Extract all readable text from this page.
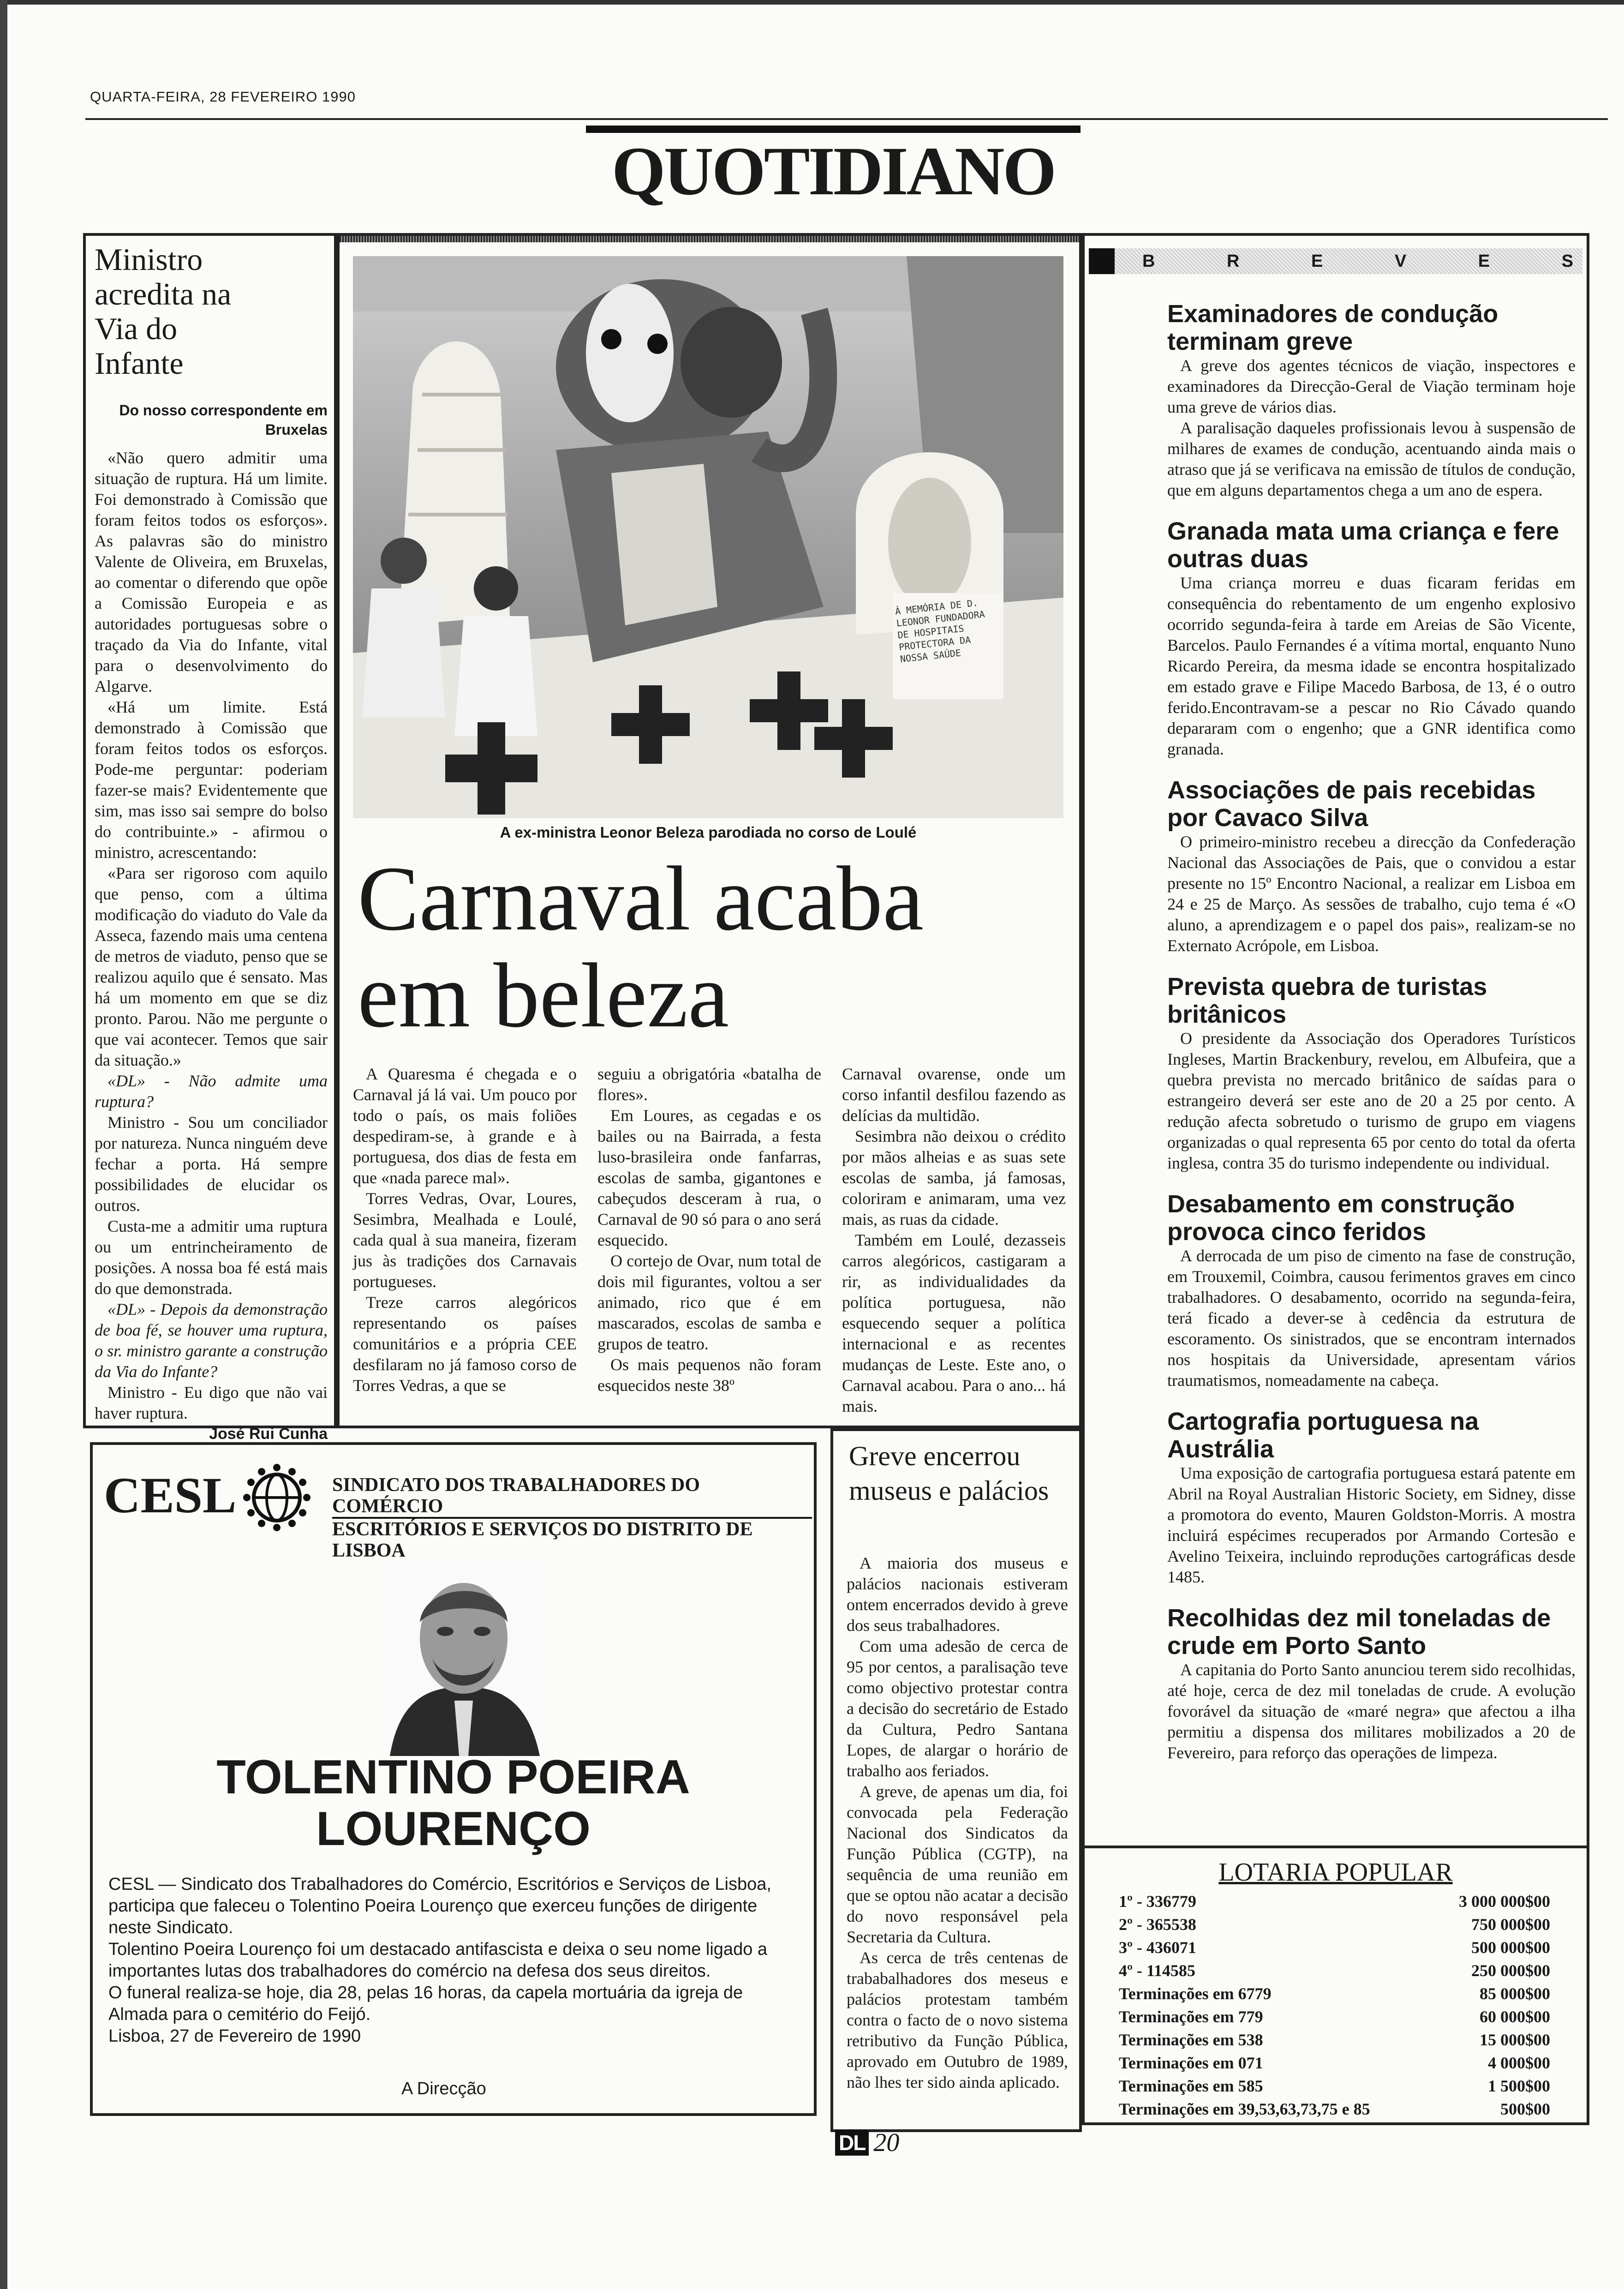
QUARTA-FEIRA, 28 FEVEREIRO 1990
QUOTIDIANO
Ministro acredita na Via do Infante
Do nosso correspondente em Bruxelas

«Não quero admitir uma situação de ruptura. Há um limite. Foi demonstrado à Comissão que foram feitos todos os esforços». As palavras são do ministro Valente de Oliveira, em Bruxelas, ao comentar o diferendo que opõe a Comissão Europeia e as autoridades portuguesas sobre o traçado da Via do Infante, vital para o desenvolvimento do Algarve.

«Há um limite. Está demonstrado à Comissão que foram feitos todos os esforços. Pode-me perguntar: poderiam fazer-se mais? Evidentemente que sim, mas isso sai sempre do bolso do contribuinte.» - afirmou o ministro, acrescentando:

«Para ser rigoroso com aquilo que penso, com a última modificação do viaduto do Vale da Asseca, fazendo mais uma centena de metros de viaduto, penso que se realizou aquilo que é sensato. Mas há um momento em que se diz pronto. Parou. Não me pergunte o que vai acontecer. Temos que sair da situação.»

«DL» - Não admite uma ruptura?

Ministro - Sou um conciliador por natureza. Nunca ninguém deve fechar a porta. Há sempre possibilidades de elucidar os outros.

Custa-me a admitir uma ruptura ou um entrincheiramento de posições. A nossa boa fé está mais do que demonstrada.

«DL» - Depois da demonstração de boa fé, se houver uma ruptura, o sr. ministro garante a construção da Via do Infante?

Ministro - Eu digo que não vai haver ruptura.

José Rui Cunha

À MEMÓRIA DE D. LEONOR FUNDADORA DE HOSPITAIS PROTECTORA DA NOSSA SAÚDE
A ex-ministra Leonor Beleza parodiada no corso de Loulé
Carnaval acaba
em beleza

A Quaresma é chegada e o Carnaval já lá vai. Um pouco por todo o país, os mais foliões despediram-se, à grande e à portuguesa, dos dias de festa em que «nada parece mal».

Torres Vedras, Ovar, Loures, Sesimbra, Mealhada e Loulé, cada qual à sua maneira, fizeram jus às tradições dos Carnavais portugueses.

Treze carros alegóricos representando os países comunitários e a própria CEE desfilaram no já famoso corso de Torres Vedras, a que se

seguiu a obrigatória «batalha de flores».

Em Loures, as cegadas e os bailes ou na Bairrada, a festa luso-brasileira onde fanfarras, escolas de samba, gigantones e cabeçudos desceram à rua, o Carnaval de 90 só para o ano será esquecido.

O cortejo de Ovar, num total de dois mil figurantes, voltou a ser animado, rico que é em mascarados, escolas de samba e grupos de teatro.

Os mais pequenos não foram esquecidos neste 38º

Carnaval ovarense, onde um corso infantil desfilou fazendo as delícias da multidão.

Sesimbra não deixou o crédito por mãos alheias e as suas sete escolas de samba, já famosas, coloriram e animaram, uma vez mais, as ruas da cidade.

Também em Loulé, dezasseis carros alegóricos, castigaram a rir, as individualidades da política portuguesa, não esquecendo sequer a política internacional e as recentes mudanças de Leste. Este ano, o Carnaval acabou. Para o ano... há mais.

B	R	E	V	E	S
Examinadores de condução terminam greve

A greve dos agentes técnicos de viação, inspectores e examinadores da Direcção-Geral de Viação terminam hoje uma greve de vários dias.

A paralisação daqueles profissionais levou à suspensão de milhares de exames de condução, acentuando ainda mais o atraso que já se verificava na emissão de títulos de condução, que em alguns departamentos chega a um ano de espera.

Granada mata uma criança e fere outras duas

Uma criança morreu e duas ficaram feridas em consequência do rebentamento de um engenho explosivo ocorrido segunda-feira à tarde em Areias de São Vicente, Barcelos. Paulo Fernandes é a vítima mortal, enquanto Nuno Ricardo Pereira, da mesma idade se encontra hospitalizado em estado grave e Filipe Macedo Barbosa, de 13, é o outro ferido.Encontravam-se a pescar no Rio Cávado quando depararam com o engenho; que a GNR identifica como granada.

Associações de pais recebidas por Cavaco Silva

O primeiro-ministro recebeu a direcção da Confederação Nacional das Associações de Pais, que o convidou a estar presente no 15º Encontro Nacional, a realizar em Lisboa em 24 e 25 de Março. As sessões de trabalho, cujo tema é «O aluno, a aprendizagem e o papel dos pais», realizam-se no Externato Acrópole, em Lisboa.

Prevista quebra de turistas britânicos

O presidente da Associação dos Operadores Turísticos Ingleses, Martin Brackenbury, revelou, em Albufeira, que a quebra prevista no mercado britânico de saídas para o estrangeiro deverá ser este ano de 20 a 25 por cento. A redução afecta sobretudo o turismo de grupo em viagens organizadas o qual representa 65 por cento do total da oferta inglesa, contra 35 do turismo independente ou individual.

Desabamento em construção provoca cinco feridos

A derrocada de um piso de cimento na fase de construção, em Trouxemil, Coimbra, causou ferimentos graves em cinco trabalhadores. O desabamento, ocorrido na segunda-feira, terá ficado a dever-se à cedência da estrutura de escoramento. Os sinistrados, que se encontram internados nos hospitais da Universidade, apresentam vários traumatismos, nomeadamente na cabeça.

Cartografia portuguesa na Austrália

Uma exposição de cartografia portuguesa estará patente em Abril na Royal Australian Historic Society, em Sidney, disse a promotora do evento, Mauren Goldston-Morris. A mostra incluirá espécimes recuperados por Armando Cortesão e Avelino Teixeira, incluindo reproduções cartográficas desde 1485.

Recolhidas dez mil toneladas de crude em Porto Santo

A capitania do Porto Santo anunciou terem sido recolhidas, até hoje, cerca de dez mil toneladas de crude. A evolução fovorável da situação de «maré negra» que afectou a ilha permitiu a dispensa dos militares mobilizados a 20 de Fevereiro, para reforço das operações de limpeza.

Greve encerrou museus e palácios

A maioria dos museus e palácios nacionais estiveram ontem encerrados devido à greve dos seus trabalhadores.

Com uma adesão de cerca de 95 por centos, a paralisação teve como objectivo protestar contra a decisão do secretário de Estado da Cultura, Pedro Santana Lopes, de alargar o horário de trabalho aos feriados.

A greve, de apenas um dia, foi convocada pela Federação Nacional dos Sindicatos da Função Pública (CGTP), na sequência de uma reunião em que se optou não acatar a decisão do novo responsável pela Secretaria da Cultura.

As cerca de três centenas de trababalhadores dos meseus e palácios protestam também contra o facto de o novo sistema retributivo da Função Pública, aprovado em Outubro de 1989, não lhes ter sido ainda aplicado.

CESL	SINDICATO DOS TRABALHADORES DO COMÉRCIO
ESCRITÓRIOS E SERVIÇOS DO DISTRITO DE LISBOA
TOLENTINO POEIRA
LOURENÇO

CESL — Sindicato dos Trabalhadores do Comércio, Escritórios e Serviços de Lisboa, participa que faleceu o Tolentino Poeira Lourenço que exerceu funções de dirigente neste Sindicato.

Tolentino Poeira Lourenço foi um destacado antifascista e deixa o seu nome ligado a importantes lutas dos trabalhadores do comércio na defesa dos seus direitos.

O funeral realiza-se hoje, dia 28, pelas 16 horas, da capela mortuária da igreja de Almada para o cemitério do Feijó.

Lisboa, 27 de Fevereiro de 1990

A Direcção
LOTARIA POPULAR
1º - 336779	3 000 000$00
2º - 365538	750 000$00
3º - 436071	500 000$00
4º - 114585	250 000$00
Terminações em 6779	85 000$00
Terminações em 779	60 000$00
Terminações em 538	15 000$00
Terminações em 071	4 000$00
Terminações em 585	1 500$00
Terminações em 39,53,63,73,75 e 85	500$00
DL 20
